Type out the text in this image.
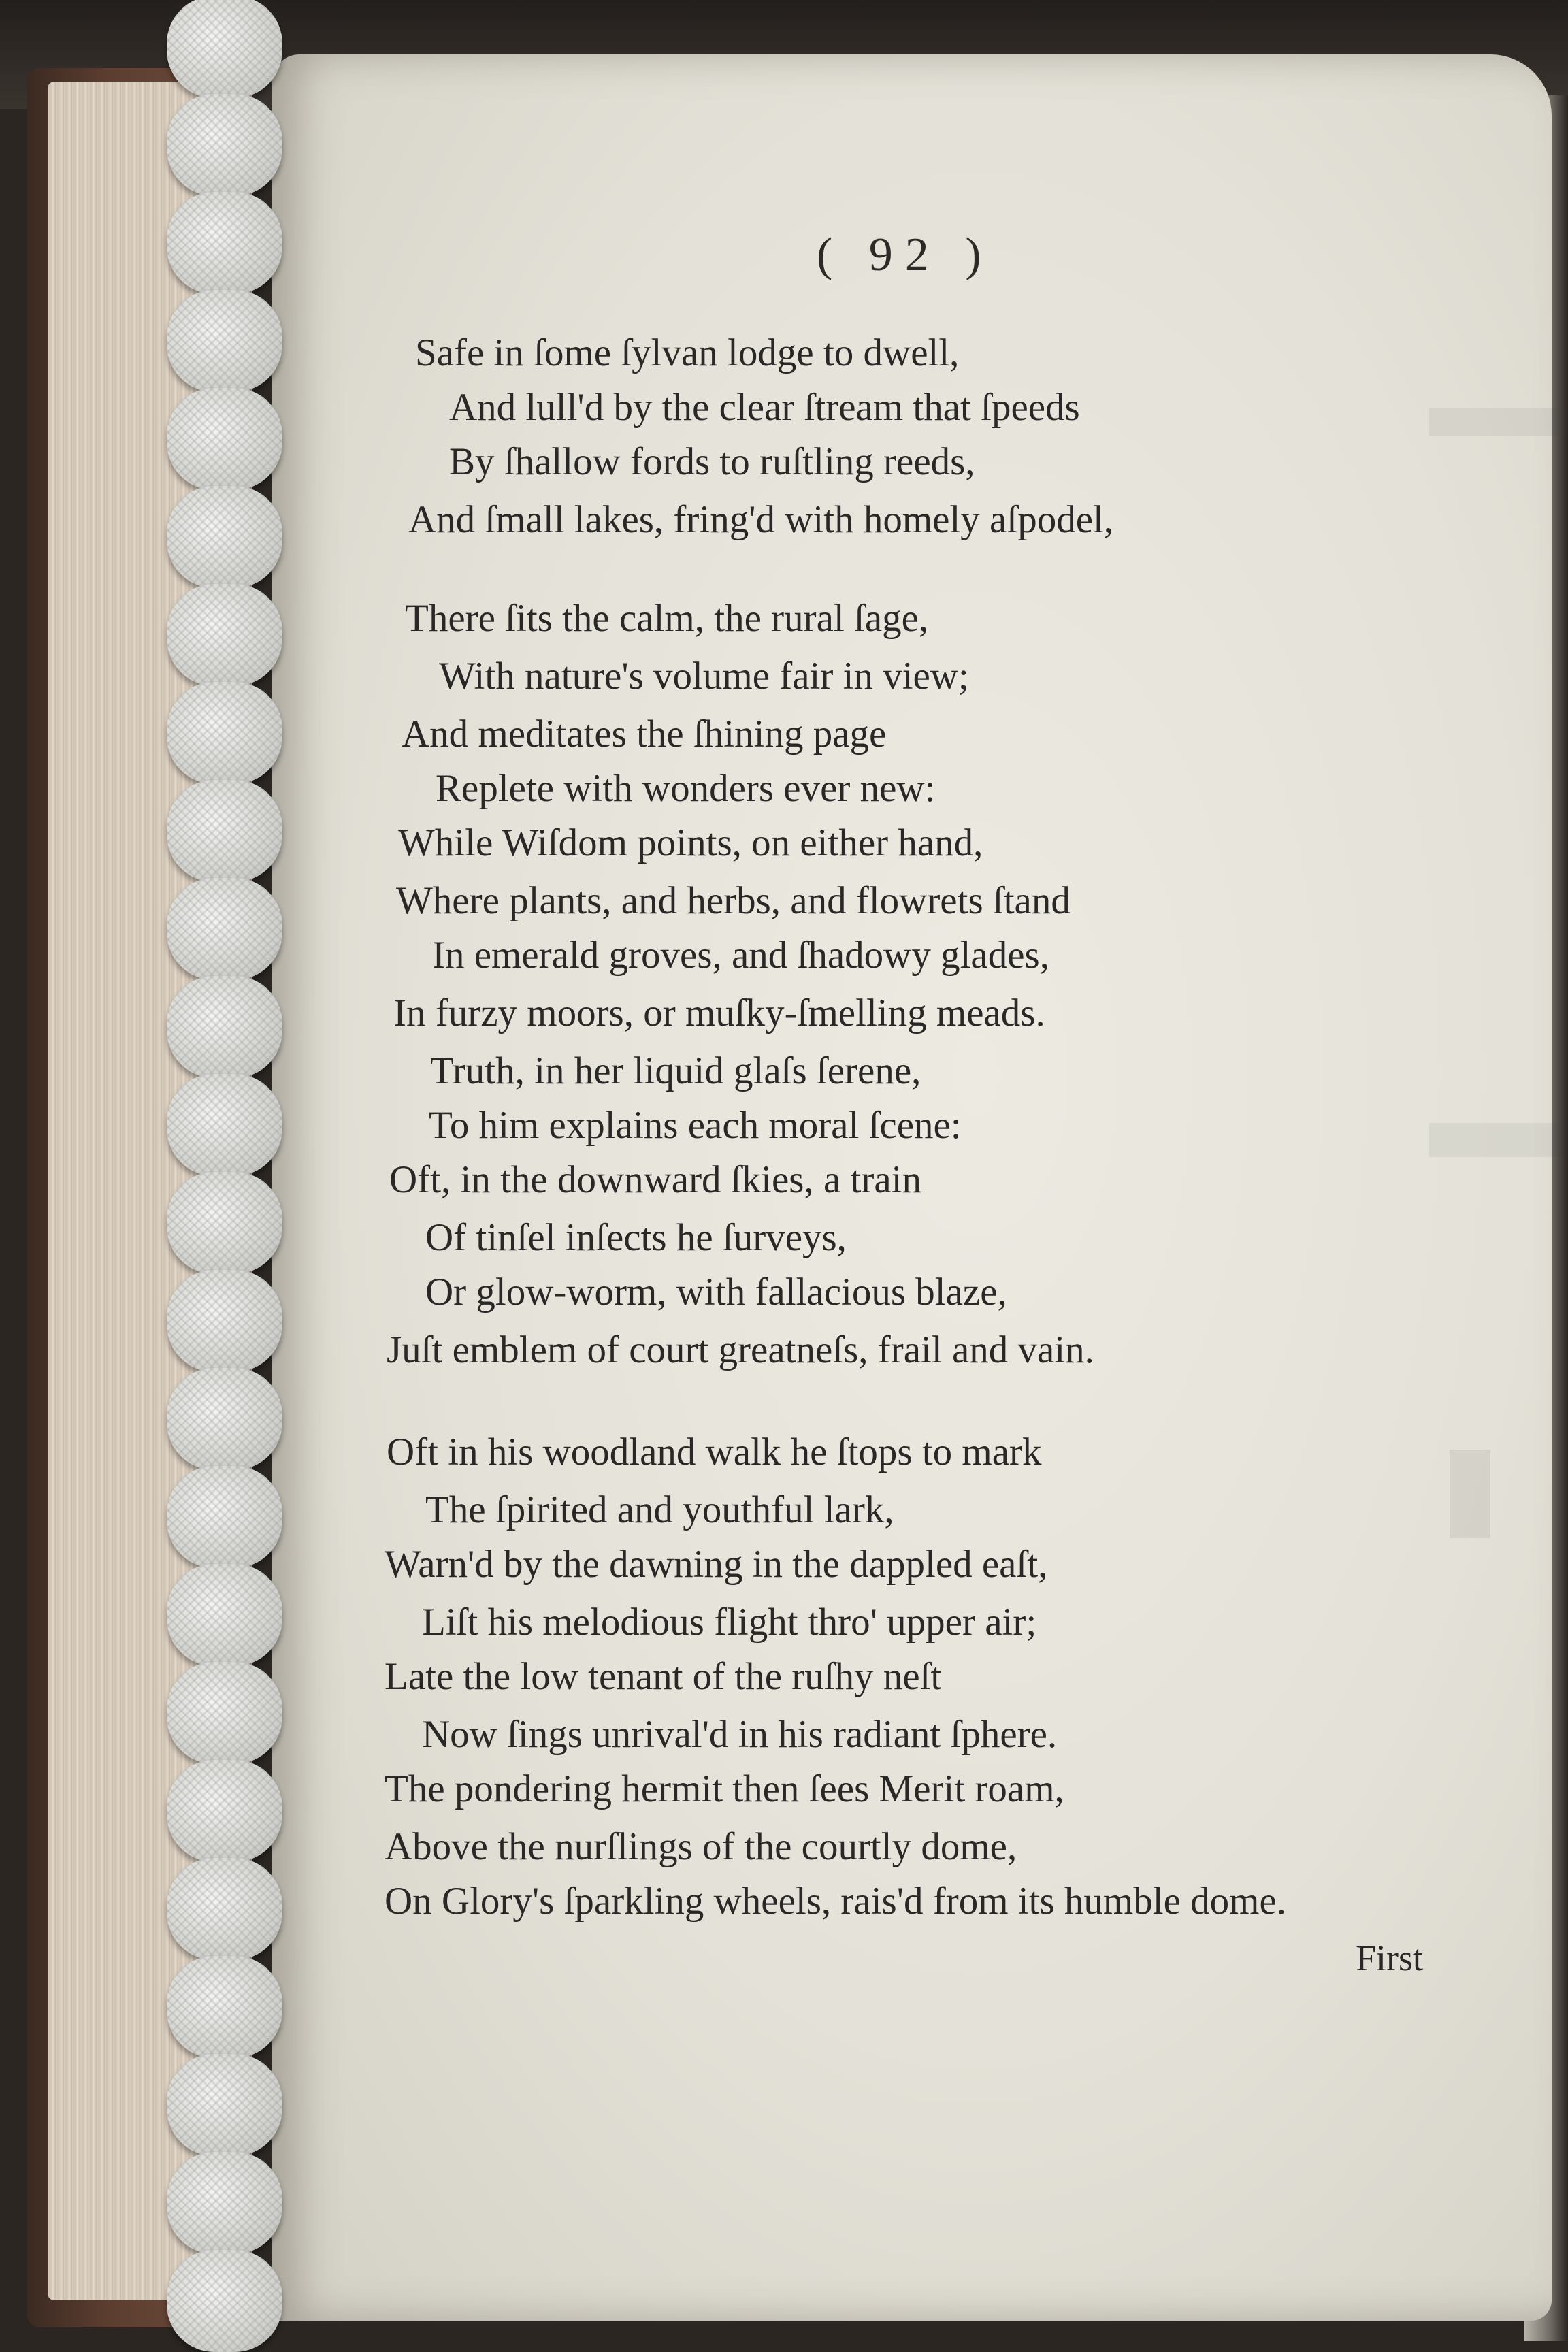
( 92 )
Safe in ſome ſylvan lodge to dwell,
And lull'd by the clear ſtream that ſpeeds
By ſhallow fords to ruſtling reeds,
And ſmall lakes, fring'd with homely aſpodel,
There ſits the calm, the rural ſage,
With nature's volume fair in view;
And meditates the ſhining page
Replete with wonders ever new:
While Wiſdom points, on either hand,
Where plants, and herbs, and flowrets ſtand
In emerald groves, and ſhadowy glades,
In furzy moors, or muſky-ſmelling meads.
Truth, in her liquid glaſs ſerene,
To him explains each moral ſcene:
Oft, in the downward ſkies, a train
Of tinſel inſects he ſurveys,
Or glow-worm, with fallacious blaze,
Juſt emblem of court greatneſs, frail and vain.
Oft in his woodland walk he ſtops to mark
The ſpirited and youthful lark,
Warn'd by the dawning in the dappled eaſt,
Liſt his melodious flight thro' upper air;
Late the low tenant of the ruſhy neſt
Now ſings unrival'd in his radiant ſphere.
The pondering hermit then ſees Merit roam,
Above the nurſlings of the courtly dome,
On Glory's ſparkling wheels, rais'd from its humble dome.
First
